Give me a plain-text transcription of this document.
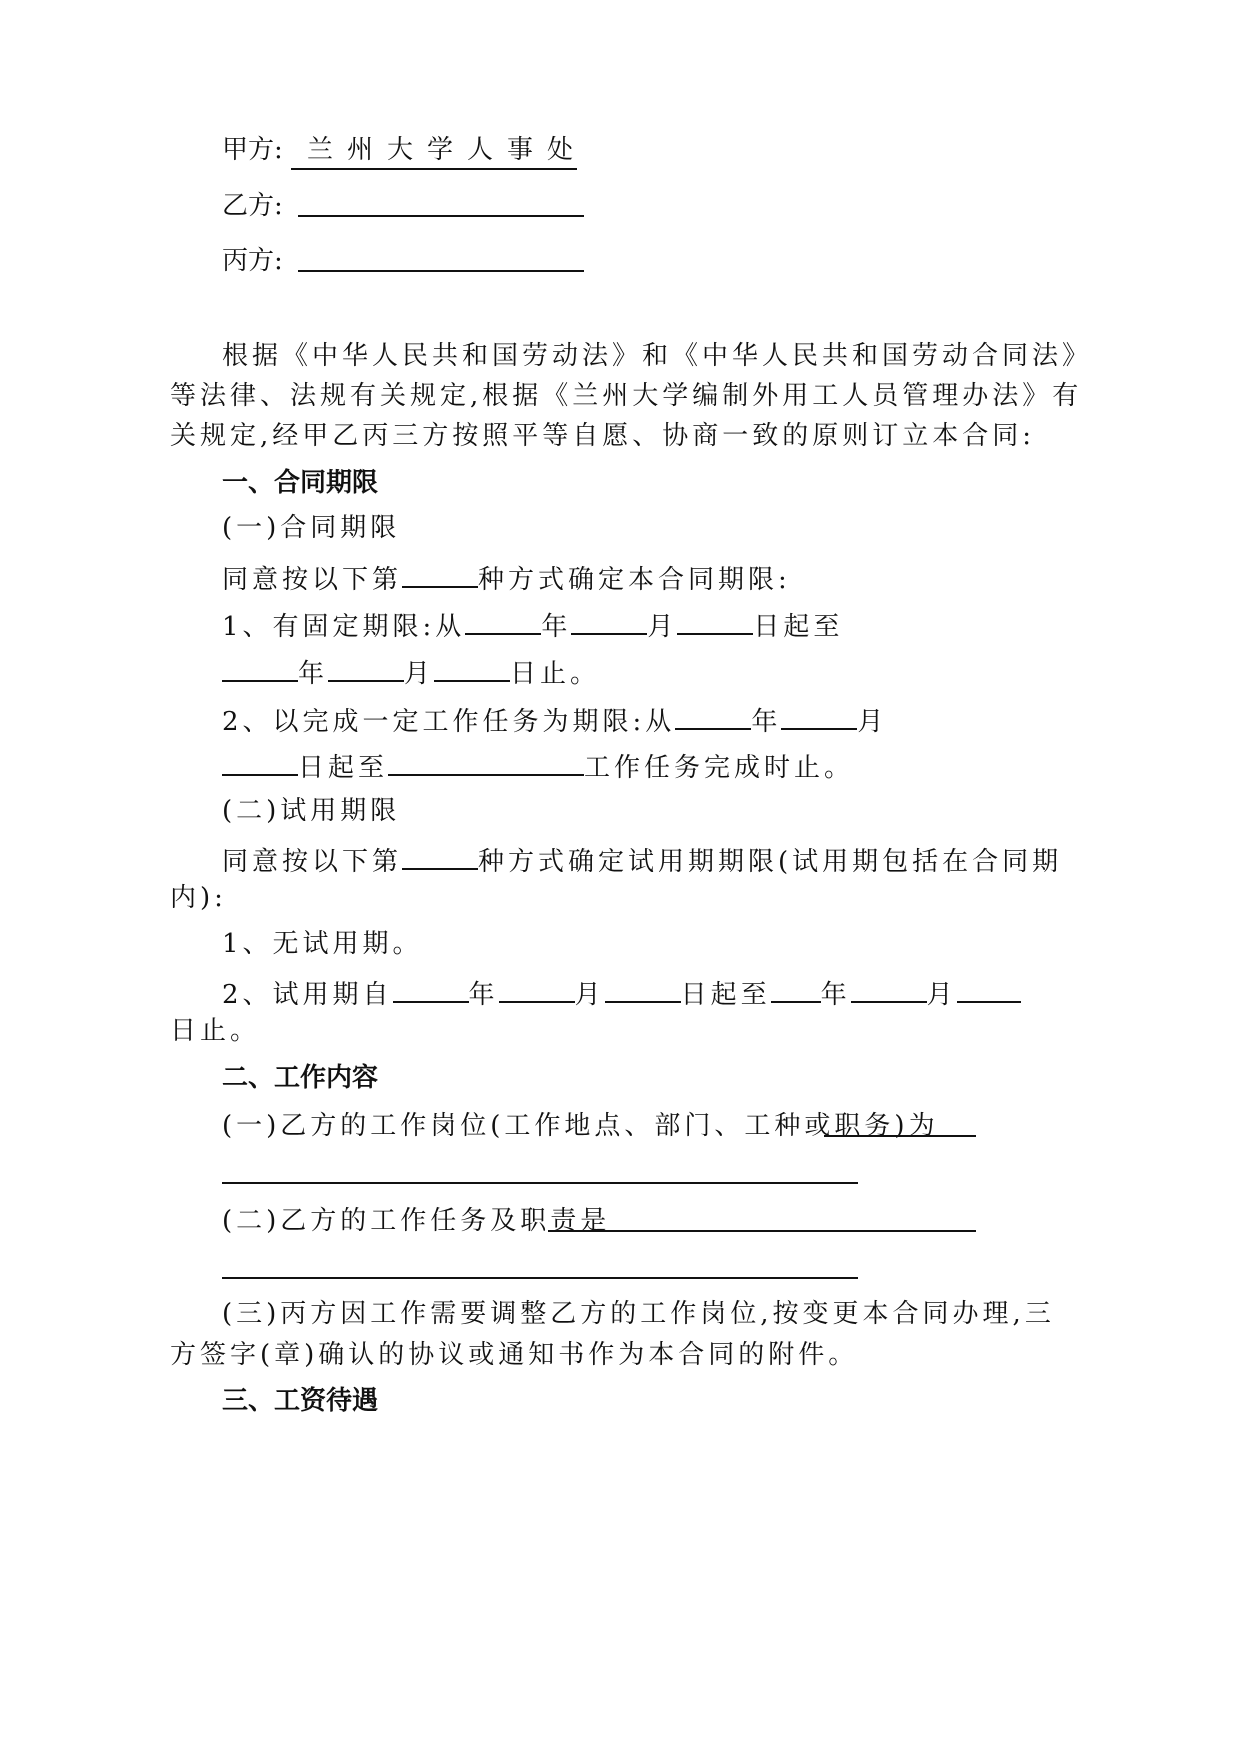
甲方: 兰州大学人事处
乙方:
丙方:
根据《中华人民共和国劳动法》和《中华人民共和国劳动合同法》
等法律、法规有关规定,根据《兰州大学编制外用工人员管理办法》有
关规定,经甲乙丙三方按照平等自愿、协商一致的原则订立本合同:
一、合同期限
(一)合同期限
同意按以下第	种方式确定本合同期限:
1、有固定期限:从	年	月	日起至
年	月	日止。
2、以完成一定工作任务为期限:从	年	月
日起至	工作任务完成时止。
(二)试用期限
同意按以下第	种方式确定试用期期限(试用期包括在合同期
内):
1、无试用期。
2、试用期自	年	月	日起至 年	月
日止。
二、工作内容
(一)乙方的工作岗位(工作地点、部门、工种或职务)为
(二)乙方的工作任务及职责是
(三)丙方因工作需要调整乙方的工作岗位,按变更本合同办理,三
方签字(章)确认的协议或通知书作为本合同的附件。
三、工资待遇
